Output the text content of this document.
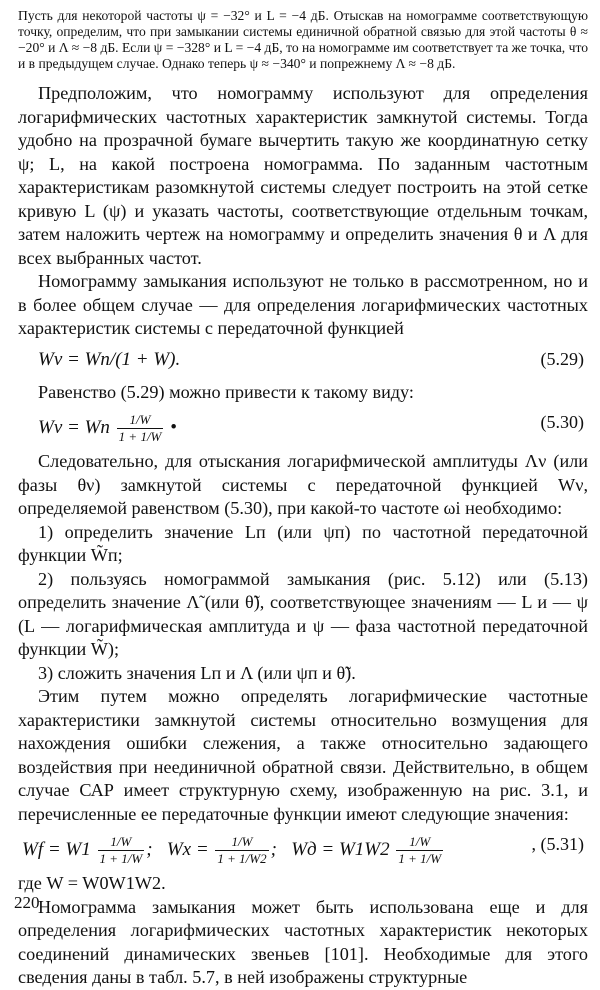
Пусть для некоторой частоты ψ = −32° и L = −4 дБ. Отыскав на номограмме соответствующую точку, определим, что при замыкании системы единичной обратной связью для этой частоты θ ≈ −20° и Λ ≈ −8 дБ. Если ψ = −328° и L = −4 дБ, то на номограмме им соответствует та же точка, что и в предыдущем случае. Однако теперь ψ ≈ −340° и попрежнему Λ ≈ −8 дБ.

Предположим, что номограмму используют для определения логарифмических частотных характеристик замкнутой системы. Тогда удобно на прозрачной бумаге вычертить такую же координатную сетку ψ; L, на какой построена номограмма. По заданным частотным характеристикам разомкнутой системы следует построить на этой сетке кривую L (ψ) и указать частоты, соответствующие отдельным точкам, затем наложить чертеж на номограмму и определить значения θ и Λ для всех выбранных частот.

Номограмму замыкания используют не только в рассмотренном, но и в более общем случае — для определения логарифмических частотных характеристик системы с передаточной функцией

Wν = Wп/(1 + W).	(5.29)

Равенство (5.29) можно привести к такому виду:

Wν = Wп $\frac{1/W}{1 + 1/W}$ •	(5.30)

Следовательно, для отыскания логарифмической амплитуды Λν (или фазы θν) замкнутой системы с передаточной функцией Wν, определяемой равенством (5.30), при какой-то частоте ωi необходимо:

1) определить значение Lп (или ψп) по частотной передаточной функции W̃п;

2) пользуясь номограммой замыкания (рис. 5.12) или (5.13) определить значение Λ̃ (или θ̃), соответствующее значениям — L и — ψ (L — логарифмическая амплитуда и ψ — фаза частотной передаточной функции W̃);

3) сложить значения Lп и Λ (или ψп и θ̃).

Этим путем можно определять логарифмические частотные характеристики замкнутой системы относительно возмущения для нахождения ошибки слежения, а также относительно задающего воздействия при неединичной обратной связи. Действительно, в общем случае САР имеет структурную схему, изображенную на рис. 3.1, и перечисленные ее передаточные функции имеют следующие значения:

$Wf = W1 \frac{1/W}{1 + 1/W}$ ;   $Wx = \frac{1/W}{1 + 1/W2}$ ;   Wд = $W1W2 \frac{1/W}{1 + 1/W}$	, (5.31)

где W = W0W1W2.

Номограмма замыкания может быть использована еще и для определения логарифмических частотных характеристик некоторых соединений динамических звеньев [101]. Необходимые для этого сведения даны в табл. 5.7, в ней изображены структурные

220
